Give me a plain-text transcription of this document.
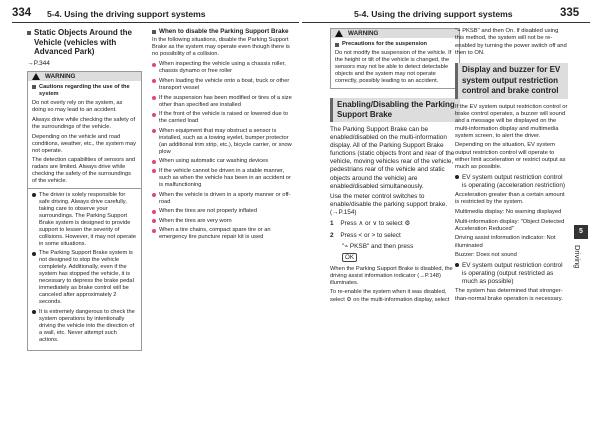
334 5-4. Using the driving support systems	5-4. Using the driving support systems	335
5
Driving
Static Objects Around the Vehicle (vehicles with Advanced Park)
→P.344
WARNING
Cautions regarding the use of the system

Do not overly rely on the system, as doing so may lead to an accident.

Always drive while checking the safety of the surroundings of the vehicle.

Depending on the vehicle and road conditions, weather, etc., the system may not operate.

The detection capabilities of sensors and radars are limited. Always drive while checking the safety of the surroundings of the vehicle.

The driver is solely responsible for safe driving. Always drive carefully, taking care to observe your surroundings. The Parking Support Brake system is designed to provide support to lessen the severity of collisions. However, it may not operate in some situations.
The Parking Support Brake system is not designed to stop the vehicle completely. Additionally, even if the system has stopped the vehicle, it is necessary to depress the brake pedal immediately as brake control will be canceled after approximately 2 seconds.
It is extremely dangerous to check the system operations by intentionally driving the vehicle into the direction of a wall, etc. Never attempt such actions.
When to disable the Parking Support Brake

In the following situations, disable the Parking Support Brake as the system may operate even though there is no possibility of a collision.

When inspecting the vehicle using a chassis roller, chassis dynamo or free roller
When loading the vehicle onto a boat, truck or other transport vessel
If the suspension has been modified or tires of a size other than specified are installed
If the front of the vehicle is raised or lowered due to the carried load
When equipment that may obstruct a sensor is installed, such as a towing eyelet, bumper protector (an additional trim strip, etc.), bicycle carrier, or snow plow
When using automatic car washing devices
If the vehicle cannot be driven in a stable manner, such as when the vehicle has been in an accident or is malfunctioning
When the vehicle is driven in a sporty manner or off-road
When the tires are not properly inflated
When the tires are very worn
When a tire chains, compact spare tire or an emergency tire puncture repair kit is used
WARNING
Precautions for the suspension

Do not modify the suspension of the vehicle. If the height or tilt of the vehicle is changed, the sensors may not be able to detect detectable objects and the system may not operate correctly, possibly leading to an accident.

Enabling/Disabling the Parking Support Brake

The Parking Support Brake can be enabled/disabled on the multi-information display. All of the Parking Support Brake functions (static objects front and rear of the vehicle, moving vehicles rear of the vehicle, pedestrians rear of the vehicle and static objects around the vehicle) are enabled/disabled simultaneously.

Use the meter control switches to enable/disable the parking support brake. (→P.154)

1 Press ∧ or ∨ to select ⚙
2 Press < or > to select
"⌁ PKSB" and then press
OK

When the Parking Support Brake is disabled, the driving assist information indicator (→P.148) illuminates.

To re-enable the system when it was disabled, select ⚙ on the multi-information display, select

"⌁ PKSB" and then On. If disabled using this method, the system will not be re-enabled by turning the power switch off and then to ON.

Display and buzzer for EV system output restriction control and brake control

If the EV system output restriction control or brake control operates, a buzzer will sound and a message will be displayed on the multi-information display and multimedia system screen, to alert the driver.

Depending on the situation, EV system output restriction control will operate to either limit acceleration or restrict output as much as possible.

EV system output restriction control is operating (acceleration restriction)

Acceleration greater than a certain amount is restricted by the system.

Multimedia display: No warning displayed

Multi-information display: "Object Detected Acceleration Reduced"

Driving assist information indicator: Not illuminated

Buzzer: Does not sound

EV system output restriction control is operating (output restricted as much as possible)

The system has determined that stronger-than-normal brake operation is necessary.
